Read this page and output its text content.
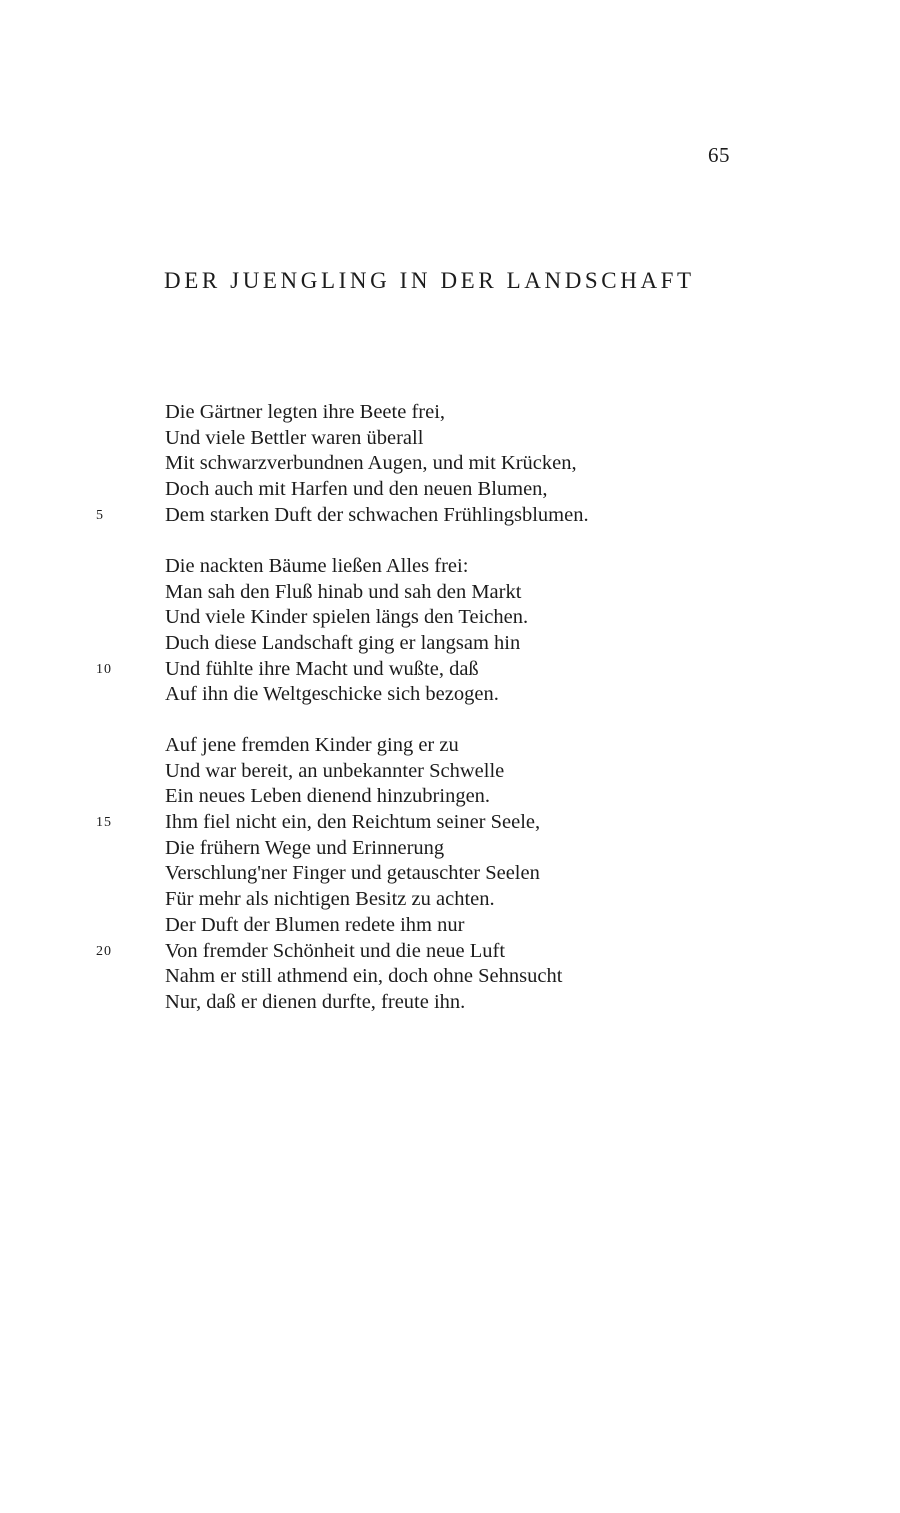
65
DER JUENGLING IN DER LANDSCHAFT
Die Gärtner legten ihre Beete frei,
Und viele Bettler waren überall
Mit schwarzverbundnen Augen, und mit Krücken,
Doch auch mit Harfen und den neuen Blumen,
5	Dem starken Duft der schwachen Frühlingsblumen.
Die nackten Bäume ließen Alles frei:
Man sah den Fluß hinab und sah den Markt
Und viele Kinder spielen längs den Teichen.
Duch diese Landschaft ging er langsam hin
10	Und fühlte ihre Macht und wußte, daß
Auf ihn die Weltgeschicke sich bezogen.
Auf jene fremden Kinder ging er zu
Und war bereit, an unbekannter Schwelle
Ein neues Leben dienend hinzubringen.
15	Ihm fiel nicht ein, den Reichtum seiner Seele,
Die frühern Wege und Erinnerung
Verschlung'ner Finger und getauschter Seelen
Für mehr als nichtigen Besitz zu achten.
Der Duft der Blumen redete ihm nur
20	Von fremder Schönheit und die neue Luft
Nahm er still athmend ein, doch ohne Sehnsucht
Nur, daß er dienen durfte, freute ihn.
